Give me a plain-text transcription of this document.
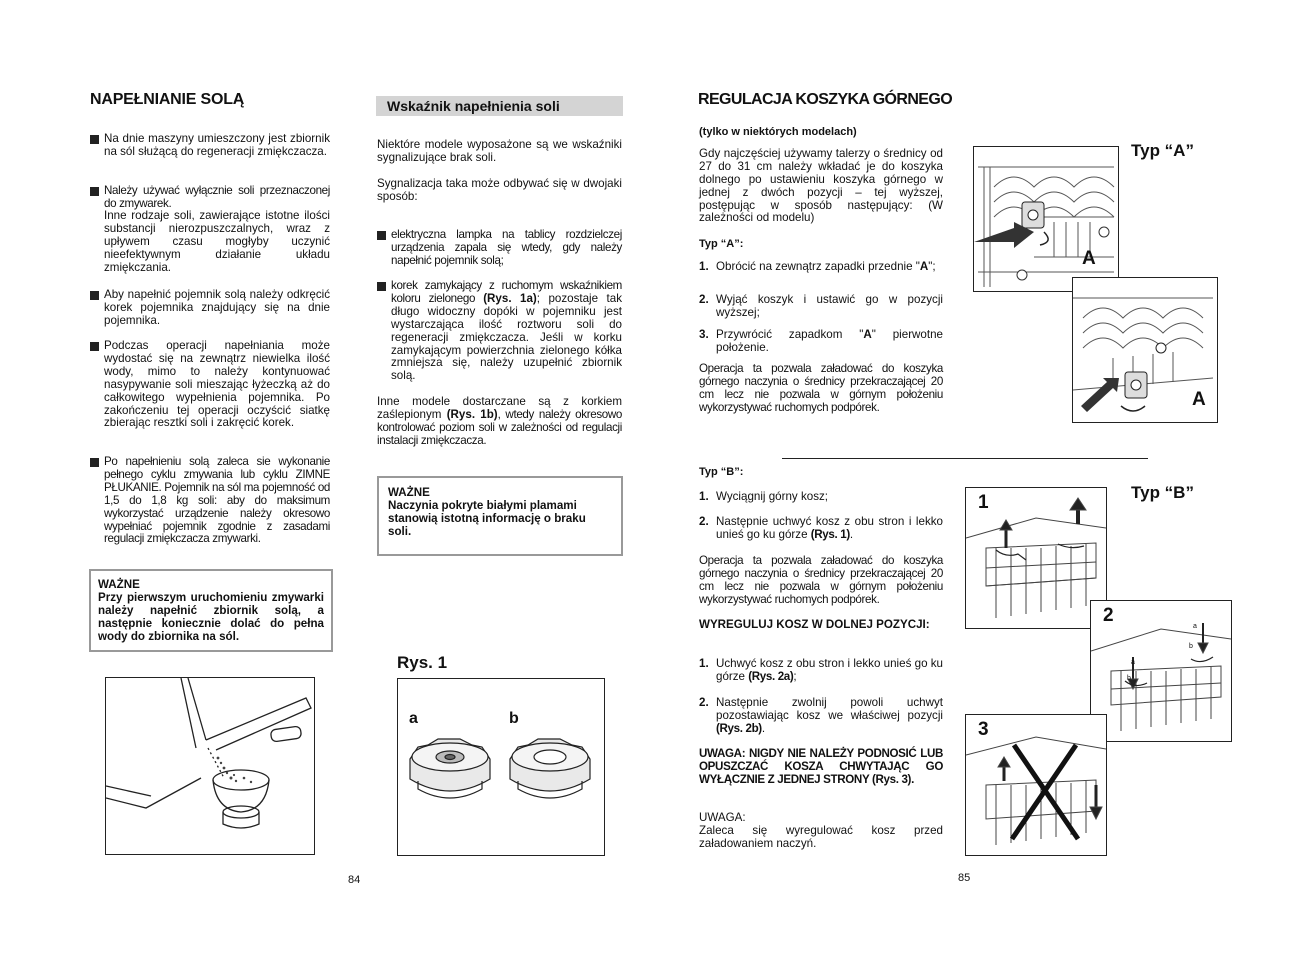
NAPEŁNIANIE SOLĄ
Na dnie maszyny umieszczony jest zbiornik na sól służącą do regeneracji zmiękczacza.
Należy używać wyłącznie soli przeznaczonej do zmywarek.
Inne rodzaje soli, zawierające istotne ilości substancji nierozpuszczalnych, wraz z upływem czasu mogłyby uczynić nieefektywnym działanie układu zmiękczania.
Aby napełnić pojemnik solą należy odkręcić korek pojemnika znajdujący się na dnie pojemnika.
Podczas operacji napełniania może wydostać się na zewnątrz niewielka ilość wody, mimo to należy kontynuować nasypywanie soli mieszając łyżeczką aż do całkowitego wypełnienia pojemnika. Po zakończeniu tej operacji oczyścić siatkę zbierając resztki soli i zakręcić korek.
Po napełnieniu solą zaleca sie wykonanie pełnego cyklu zmywania lub cyklu ZIMNE PŁUKANIE. Pojemnik na sól ma pojemność od 1,5 do 1,8 kg soli: aby do maksimum wykorzystać urządzenie należy okresowo wypełniać pojemnik zgodnie z zasadami regulacji zmiękczacza zmywarki.
WAŻNE
Przy pierwszym uruchomieniu zmywarki należy napełnić zbiornik solą, a następnie koniecznie dolać do pełna wody do zbiornika na sól.
Wskaźnik napełnienia soli
Niektóre modele wyposażone są we wskaźniki sygnalizujące brak soli.
Sygnalizacja taka może odbywać się w dwojaki sposób:
elektryczna lampka na tablicy rozdzielczej urządzenia zapala się wtedy, gdy należy napełnić pojemnik solą;
korek zamykający z ruchomym wskaźnikiem koloru zielonego (Rys. 1a); pozostaje tak długo widoczny dopóki w pojemniku jest wystarczająca ilość roztworu soli do regeneracji zmiękczacza. Jeśli w korku zamykającym powierzchnia zielonego kółka zmniejsza się, należy uzupełnić zbiornik solą.
Inne modele dostarczane są z korkiem zaślepionym (Rys. 1b), wtedy należy okresowo kontrolować poziom soli w zależności od regulacji instalacji zmiękczacza.
WAŻNE
Naczynia pokryte białymi plamami stanowią istotną informację o braku soli.
Rys. 1
a	b
84
REGULACJA KOSZYKA GÓRNEGO
(tylko w niektórych modelach)
Gdy najczęściej używamy talerzy o średnicy od 27 do 31 cm należy wkładać je do koszyka dolnego po ustawieniu koszyka górnego w jednej z dwóch pozycji – tej wyższej, postępując w sposób następujący: (W zależności od modelu)
Typ “A”:
1. Obrócić na zewnątrz zapadki przednie "A";
2. Wyjąć koszyk i ustawić go w pozycji wyższej;
3. Przywrócić zapadkom "A" pierwotne położenie.
Operacja ta pozwala załadować do koszyka górnego naczynia o średnicy przekraczającej 20 cm lecz nie pozwala w górnym położeniu wykorzystywać ruchomych podpórek.
Typ “B”:
1. Wyciągnij górny kosz;
2. Następnie uchwyć kosz z obu stron i lekko unieś go ku górze (Rys. 1).
Operacja ta pozwala załadować do koszyka górnego naczynia o średnicy przekraczającej 20 cm lecz nie pozwala w górnym położeniu wykorzystywać ruchomych podpórek.
WYREGULUJ KOSZ W DOLNEJ POZYCJI:
1. Uchwyć kosz z obu stron i lekko unieś go ku górze (Rys. 2a);
2. Następnie zwolnij powoli uchwyt pozostawiając kosz we właściwej pozycji (Rys. 2b).
UWAGA: NIGDY NIE NALEŻY PODNOSIĆ LUB OPUSZCZAĆ KOSZA CHWYTAJĄC GO WYŁĄCZNIE Z JEDNEJ STRONY (Rys. 3).
UWAGA:
Zaleca się wyregulować kosz przed załadowaniem naczyń.
Typ “A”
A
A
Typ “B”
1
2
a
b
a
b
3
85
